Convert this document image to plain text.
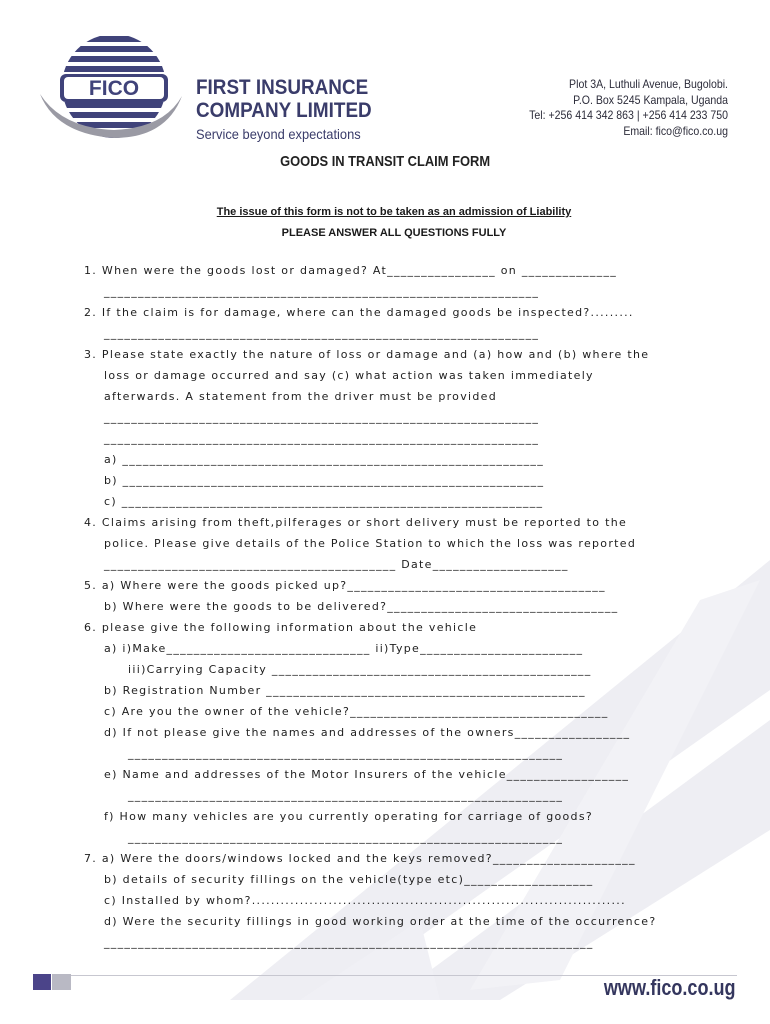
FICO	FIRST INSURANCE
COMPANY LIMITED
Service beyond expectations
Plot 3A, Luthuli Avenue, Bugolobi.
P.O. Box 5245 Kampala, Uganda
Tel: +256 414 342 863 | +256 414 233 750
Email: fico@fico.co.ug
GOODS IN TRANSIT CLAIM FORM
The issue of this form is not to be taken as an admission of Liability
PLEASE ANSWER ALL QUESTIONS FULLY
1. When were the goods lost or damaged? At________________ on ______________
________________________________________________________________
2. If the claim is for damage, where can the damaged goods be inspected?.........
________________________________________________________________
3. Please state exactly the nature of loss or damage and (a) how and (b) where the
loss or damage occurred and say (c) what action was taken immediately
afterwards. A statement from the driver must be provided
________________________________________________________________
________________________________________________________________
a) ______________________________________________________________
b) ______________________________________________________________
c) ______________________________________________________________
4. Claims arising from theft,pilferages or short delivery must be reported to the
police. Please give details of the Police Station to which the loss was reported
___________________________________________ Date____________________
5. a) Where were the goods picked up?______________________________________
b) Where were the goods to be delivered?__________________________________
6. please give the following information about the vehicle
a) i)Make______________________________ ii)Type________________________
iii)Carrying Capacity _______________________________________________
b) Registration Number _______________________________________________
c) Are you the owner of the vehicle?______________________________________
d) If not please give the names and addresses of the owners_________________
________________________________________________________________
e) Name and addresses of the Motor Insurers of the vehicle__________________
________________________________________________________________
f) How many vehicles are you currently operating for carriage of goods?
________________________________________________________________
7. a) Were the doors/windows locked and the keys removed?_____________________
b) details of security fillings on the vehicle(type etc)___________________
c) Installed by whom?..............................................................................
d) Were the security fillings in good working order at the time of the occurrence?
________________________________________________________________________
www.fico.co.ug
